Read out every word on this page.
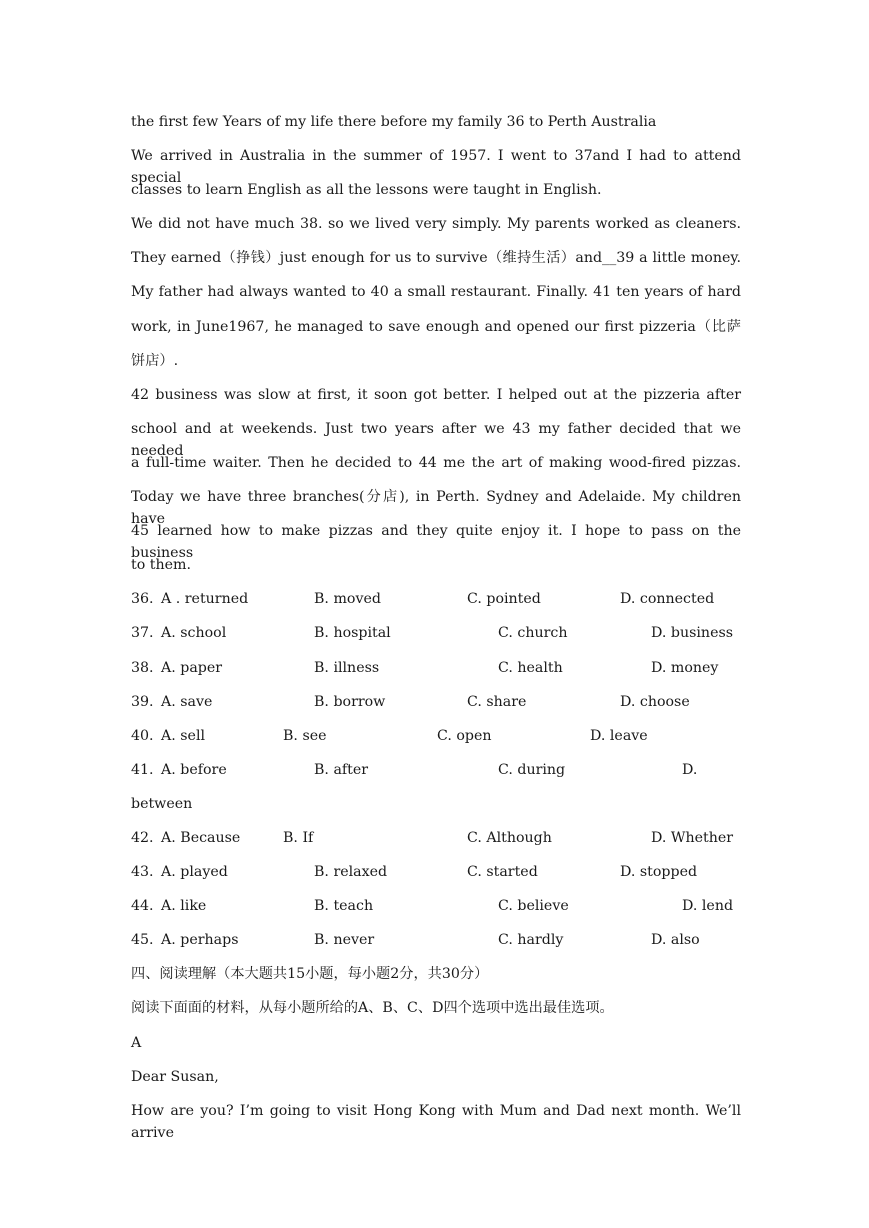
the first few Years of my life there before my family 36 to Perth Australia
We arrived in Australia in the summer of 1957. I went to 37and I had to attend special
classes to learn English as all the lessons were taught in English.
We did not have much 38. so we lived very simply. My parents worked as cleaners.
They earned（挣钱）just enough for us to survive（维持生活）and__39 a little money.
My father had always wanted to 40 a small restaurant. Finally. 41 ten years of hard
work, in June1967, he managed to save enough and opened our first pizzeria（比萨
饼店）.
42 business was slow at first, it soon got better. I helped out at the pizzeria after
school and at weekends. Just two years after we 43 my father decided that we needed
a full-time waiter. Then he decided to 44 me the art of making wood-fired pizzas.
Today we have three branches(分店), in Perth. Sydney and Adelaide. My children have
45 learned how to make pizzas and they quite enjoy it. I hope to pass on the business
to them.

36.

A . returned

	B. moved

	C. pointed

	D. connected

37.

A. school

	B. hospital

	C. church

	D. business

38.

A. paper

	B. illness

	C. health

	D. money

39.

A. save

	B. borrow

	C. share

	D. choose

40.

A. sell

	B. see

	C. open

	D. leave

41.

A. before

	B. after

	C. during

	D.

between

42.

A. Because

	B. If

	C. Although

	D. Whether

43.

A. played

	B. relaxed

	C. started

	D. stopped

44.

A. like

	B. teach

	C. believe

	D. lend

45.

A. perhaps

	B. never

	C. hardly

	D. also

四、阅读理解（本大题共15小题，每小题2分，共30分）
阅读下面面的材料，从每小题所给的A、B、C、D四个选项中选出最佳选项。
A
Dear Susan,
How are you? I’m going to visit Hong Kong with Mum and Dad next month. We’ll arrive
